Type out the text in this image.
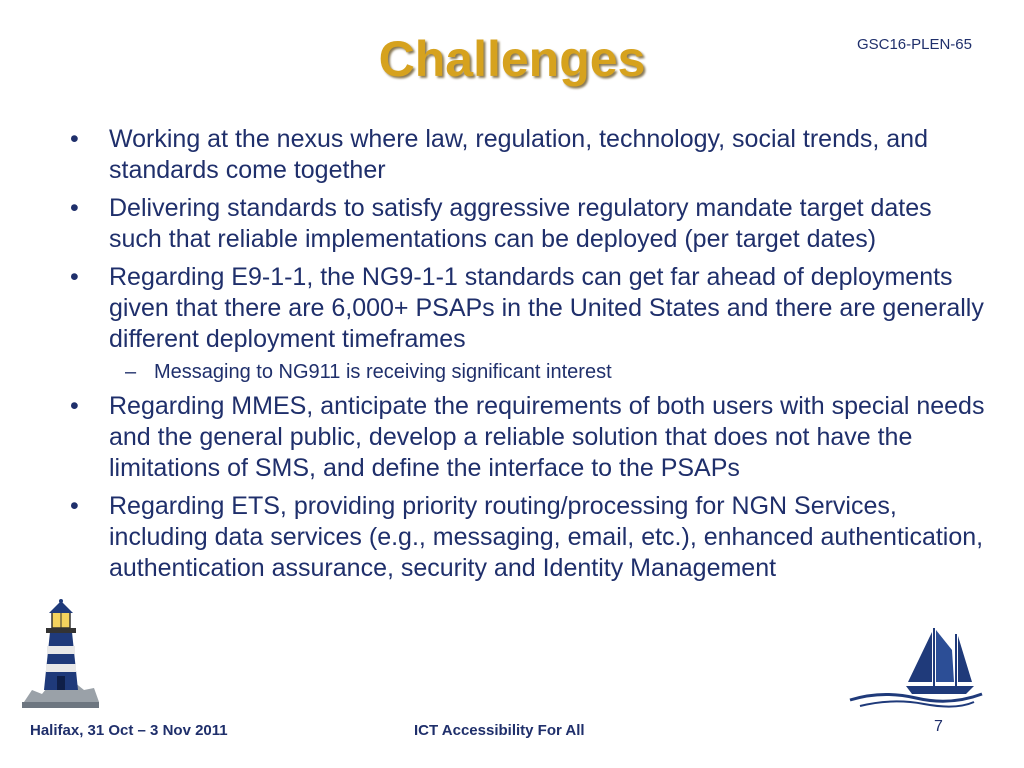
Challenges	GSC16-PLEN-65
• Working at the nexus where law, regulation, technology, social trends, and standards come together
• Delivering standards to satisfy aggressive regulatory mandate target dates such that reliable implementations can be deployed (per target dates)
• Regarding E9-1-1, the NG9-1-1 standards can get far ahead of deployments given that there are 6,000+ PSAPs in the United States and there are generally different deployment timeframes
– Messaging to NG911 is receiving significant interest
• Regarding MMES, anticipate the requirements of both users with special needs and the general public, develop a reliable solution that does not have the limitations of SMS, and define the interface to the PSAPs
• Regarding ETS, providing priority routing/processing for NGN Services, including data services (e.g., messaging, email, etc.), enhanced authentication, authentication assurance, security and Identity Management
Halifax, 31 Oct – 3 Nov 2011	ICT Accessibility For All	7
